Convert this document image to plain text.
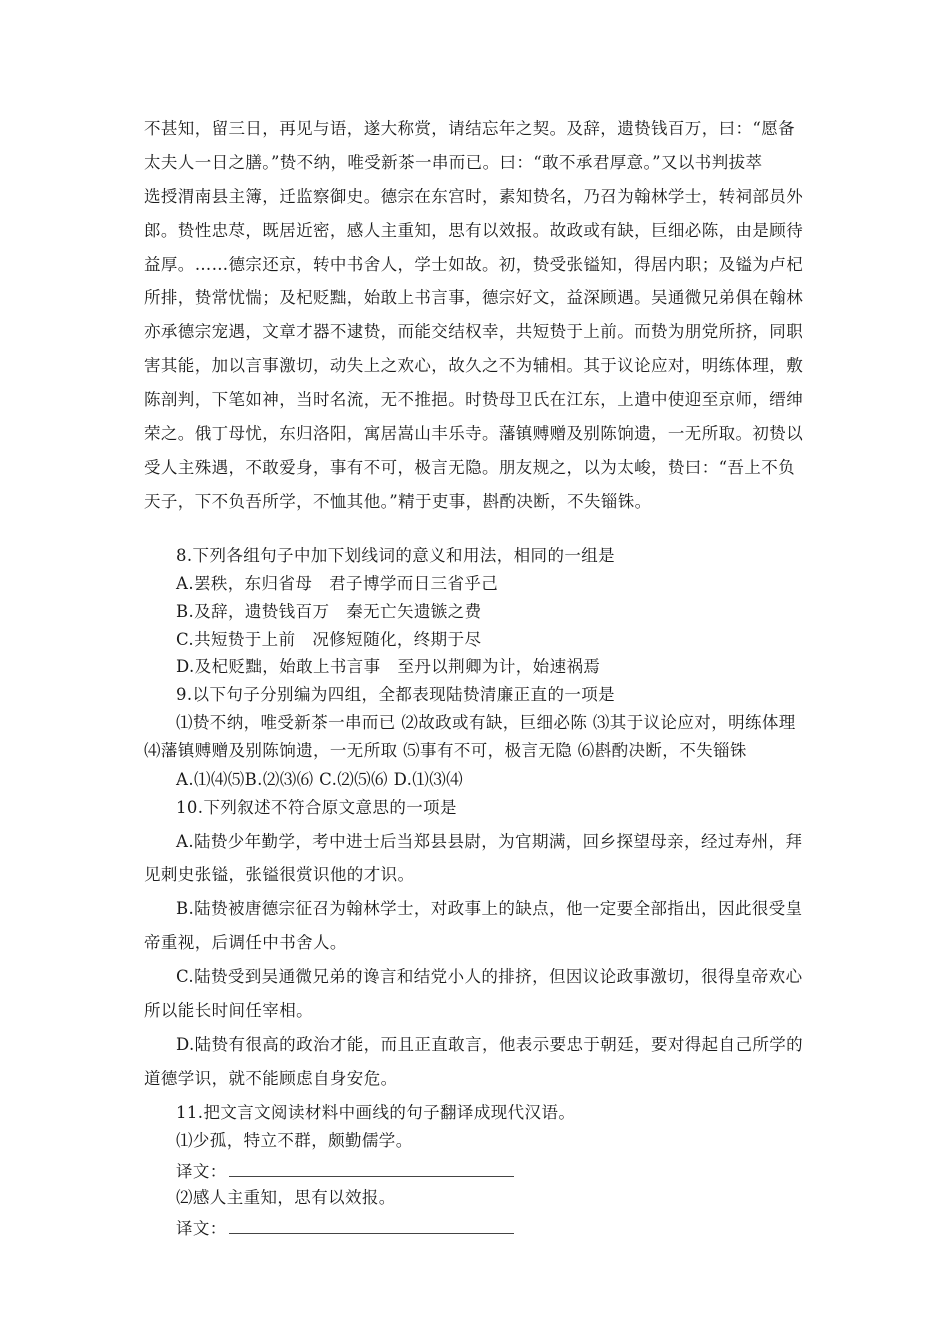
不甚知，留三日，再见与语，遂大称赏，请结忘年之契。及辞，遗贽钱百万，曰：“愿备
太夫人一日之膳。”贽不纳，唯受新茶一串而已。曰：“敢不承君厚意。”又以书判拔萃
选授渭南县主簿，迁监察御史。德宗在东宫时，素知贽名，乃召为翰林学士，转祠部员外
郎。贽性忠荩，既居近密，感人主重知，思有以效报。故政或有缺，巨细必陈，由是顾待
益厚。……德宗还京，转中书舍人，学士如故。初，贽受张镒知，得居内职；及镒为卢杞
所排，贽常忧惴；及杞贬黜，始敢上书言事，德宗好文，益深顾遇。吴通微兄弟俱在翰林
亦承德宗宠遇，文章才器不逮贽，而能交结权幸，共短贽于上前。而贽为朋党所挤，同职
害其能，加以言事激切，动失上之欢心，故久之不为辅相。其于议论应对，明练体理，敷
陈剖判，下笔如神，当时名流，无不推挹。时贽母卫氏在江东，上遣中使迎至京师，缙绅
荣之。俄丁母忧，东归洛阳，寓居嵩山丰乐寺。藩镇赙赠及别陈饷遗，一无所取。初贽以
受人主殊遇，不敢爱身，事有不可，极言无隐。朋友规之，以为太峻，贽曰：“吾上不负
天子，下不负吾所学，不恤其他。”精于吏事，斟酌决断，不失锱铢。
8.下列各组句子中加下划线词的意义和用法，相同的一组是
A.罢秩，东归省母　君子博学而日三省乎己
B.及辞，遗贽钱百万　秦无亡矢遗镞之费
C.共短贽于上前　况修短随化，终期于尽
D.及杞贬黜，始敢上书言事　至丹以荆卿为计，始速祸焉
9.以下句子分别编为四组，全都表现陆贽清廉正直的一项是
⑴贽不纳，唯受新茶一串而已 ⑵故政或有缺，巨细必陈 ⑶其于议论应对，明练体理
⑷藩镇赙赠及别陈饷遗，一无所取 ⑸事有不可，极言无隐 ⑹斟酌决断，不失锱铢
A.⑴⑷⑸B.⑵⑶⑹ C.⑵⑸⑹ D.⑴⑶⑷
10.下列叙述不符合原文意思的一项是
A.陆贽少年勤学，考中进士后当郑县县尉，为官期满，回乡探望母亲，经过寿州，拜
见刺史张镒，张镒很赏识他的才识。
B.陆贽被唐德宗征召为翰林学士，对政事上的缺点，他一定要全部指出，因此很受皇
帝重视，后调任中书舍人。
C.陆贽受到吴通微兄弟的谗言和结党小人的排挤，但因议论政事激切，很得皇帝欢心
所以能长时间任宰相。
D.陆贽有很高的政治才能，而且正直敢言，他表示要忠于朝廷，要对得起自己所学的
道德学识，就不能顾虑自身安危。
11.把文言文阅读材料中画线的句子翻译成现代汉语。
⑴少孤，特立不群，颇勤儒学。
译文：
⑵感人主重知，思有以效报。
译文：
